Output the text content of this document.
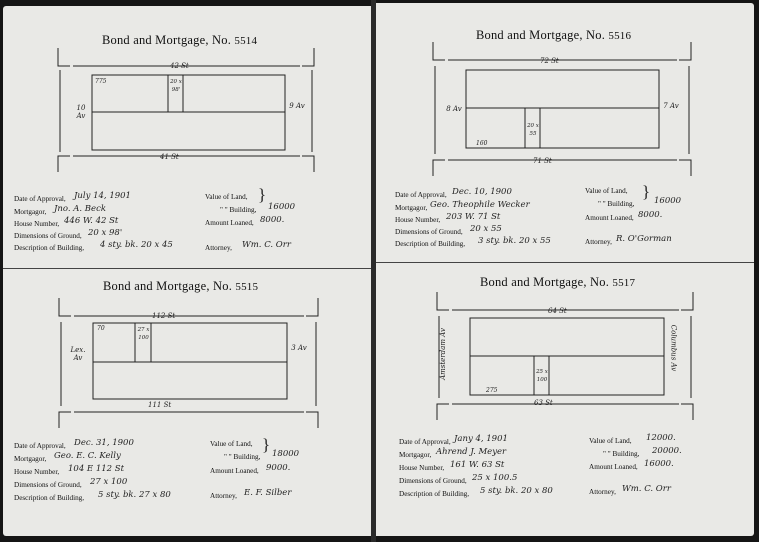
Bond and Mortgage, No. 5514
42 St
41 St
10 Av
9 Av
775	20 x 98'
Date of Approval, July 14, 1901
Mortgagor, Jno. A. Beck
House Number, 446 W. 42 St
Dimensions of Ground, 20 x 98'
Description of Building, 4 sty. bk. 20 x 45
Value of Land, }
" " Building, 16000
Amount Loaned, 8000.
Attorney, Wm. C. Orr
Bond and Mortgage, No. 5516
72 St
71 St
8 Av	7 Av
160
20 x 55
Date of Approval, Dec. 10, 1900
Mortgagor, Geo. Theophile Wecker
House Number, 203 W. 71 St
Dimensions of Ground, 20 x 55
Description of Building, 3 sty. bk. 20 x 55
Value of Land, }
" " Building, 16000
Amount Loaned, 8000.
Attorney, R. O'Gorman
Bond and Mortgage, No. 5515
112 St
111 St
Lex. Av
3 Av
70	27 x 100
Date of Approval, Dec. 31, 1900
Mortgagor, Geo. E. C. Kelly
House Number, 104 E 112 St
Dimensions of Ground, 27 x 100
Description of Building, 5 sty. bk. 27 x 80
Value of Land, }
" " Building, 18000
Amount Loaned, 9000.
Attorney, E. F. Silber
Bond and Mortgage, No. 5517
64 St
63 St
Amsterdam Av	Columbus Av
275
25 x 100
Date of Approval, Jany 4, 1901
Mortgagor, Ahrend J. Meyer
House Number, 161 W. 63 St
Dimensions of Ground, 25 x 100.5
Description of Building, 5 sty. bk. 20 x 80
Value of Land, 12000.
" " Building, 20000.
Amount Loaned, 16000.
Attorney, Wm. C. Orr
